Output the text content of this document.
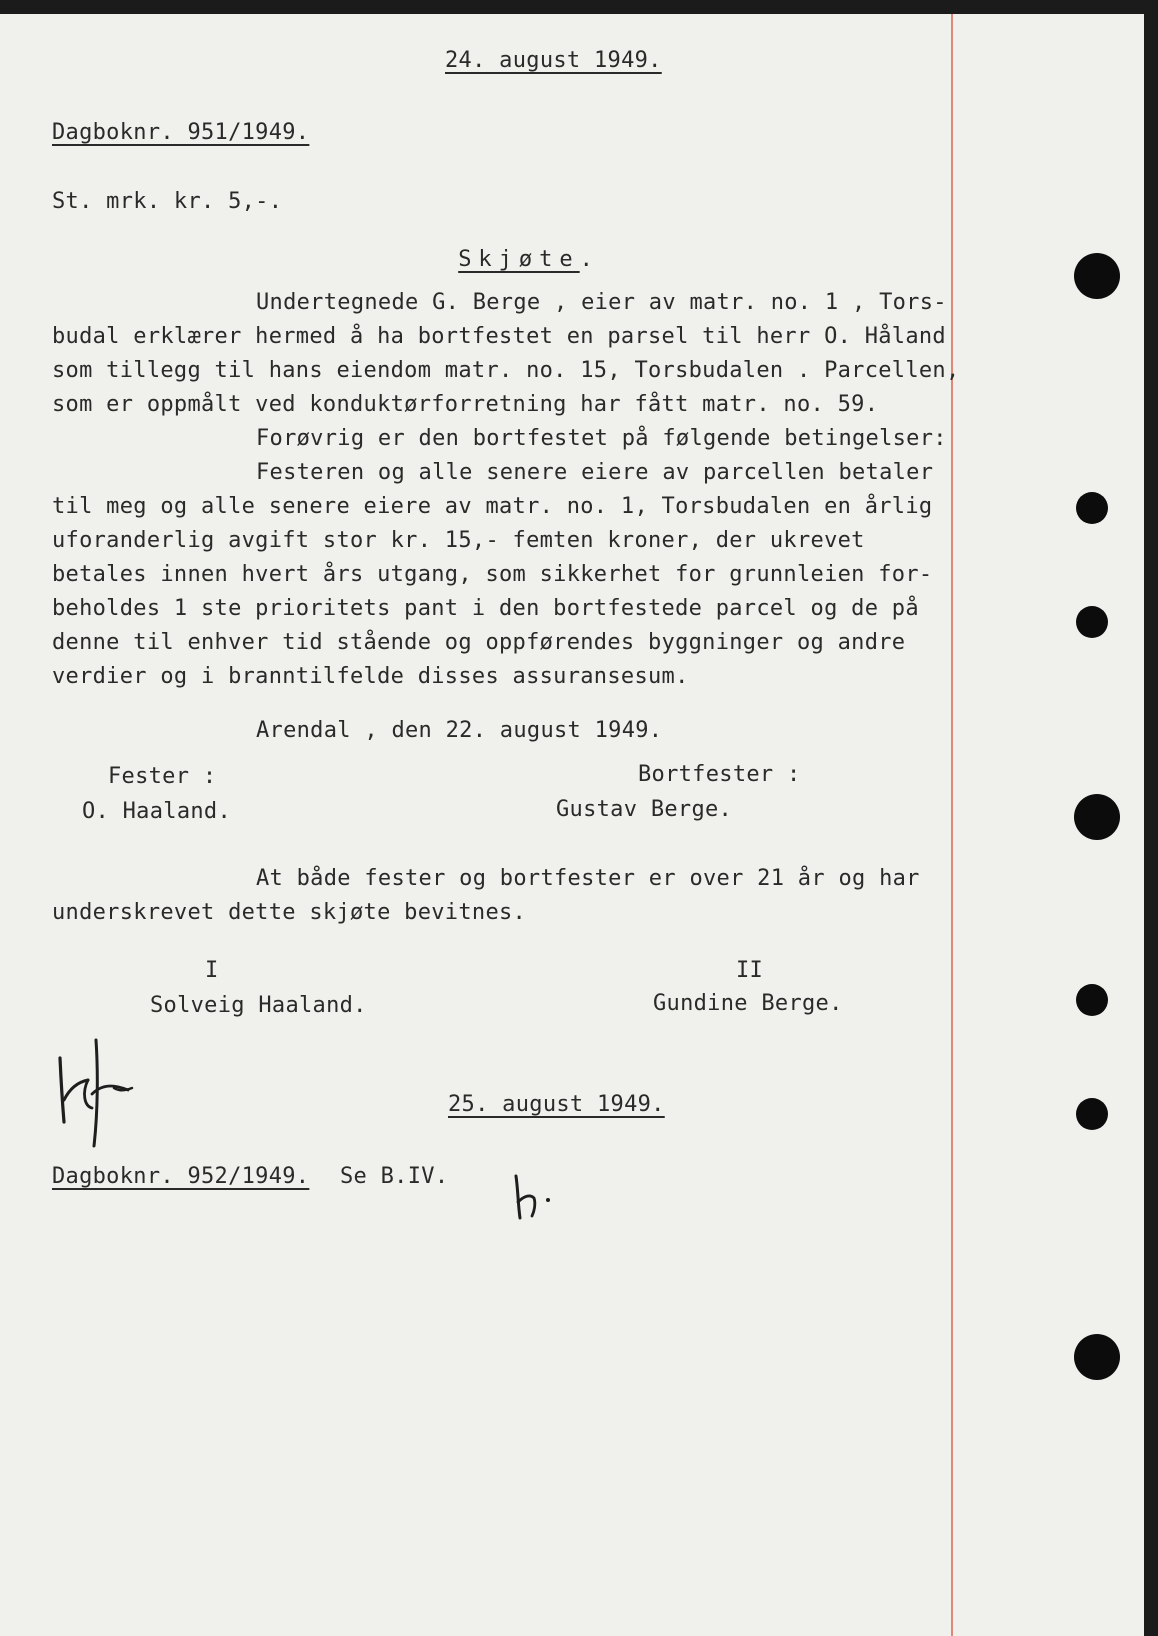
24. august 1949.
Dagboknr. 951/1949.
St. mrk. kr. 5,-.

Skjøte.

Undertegnede G. Berge , eier av matr. no. 1 , Tors-
budal erklærer hermed å ha bortfestet en parsel til herr O. Håland
som tillegg til hans eiendom matr. no. 15, Torsbudalen . Parcellen,
som er oppmålt ved konduktørforretning har fått matr. no. 59.
Forøvrig er den bortfestet på følgende betingelser:
Festeren og alle senere eiere av parcellen betaler
til meg og alle senere eiere av matr. no. 1, Torsbudalen en årlig
uforanderlig avgift stor kr. 15,- femten kroner, der ukrevet
betales innen hvert års utgang, som sikkerhet for grunnleien for-
beholdes 1 ste prioritets pant i den bortfestede parcel og de på
denne til enhver tid stående og oppførendes byggninger og andre
verdier og i branntilfelde disses assuransesum.
Arendal , den 22. august 1949.
Fester :
O. Haaland.
Bortfester :
Gustav Berge.
At både fester og bortfester er over 21 år og har
underskrevet dette skjøte bevitnes.
I
Solveig Haaland.
II
Gundine Berge.
25. august 1949.
Dagboknr. 952/1949. Se B.IV.
